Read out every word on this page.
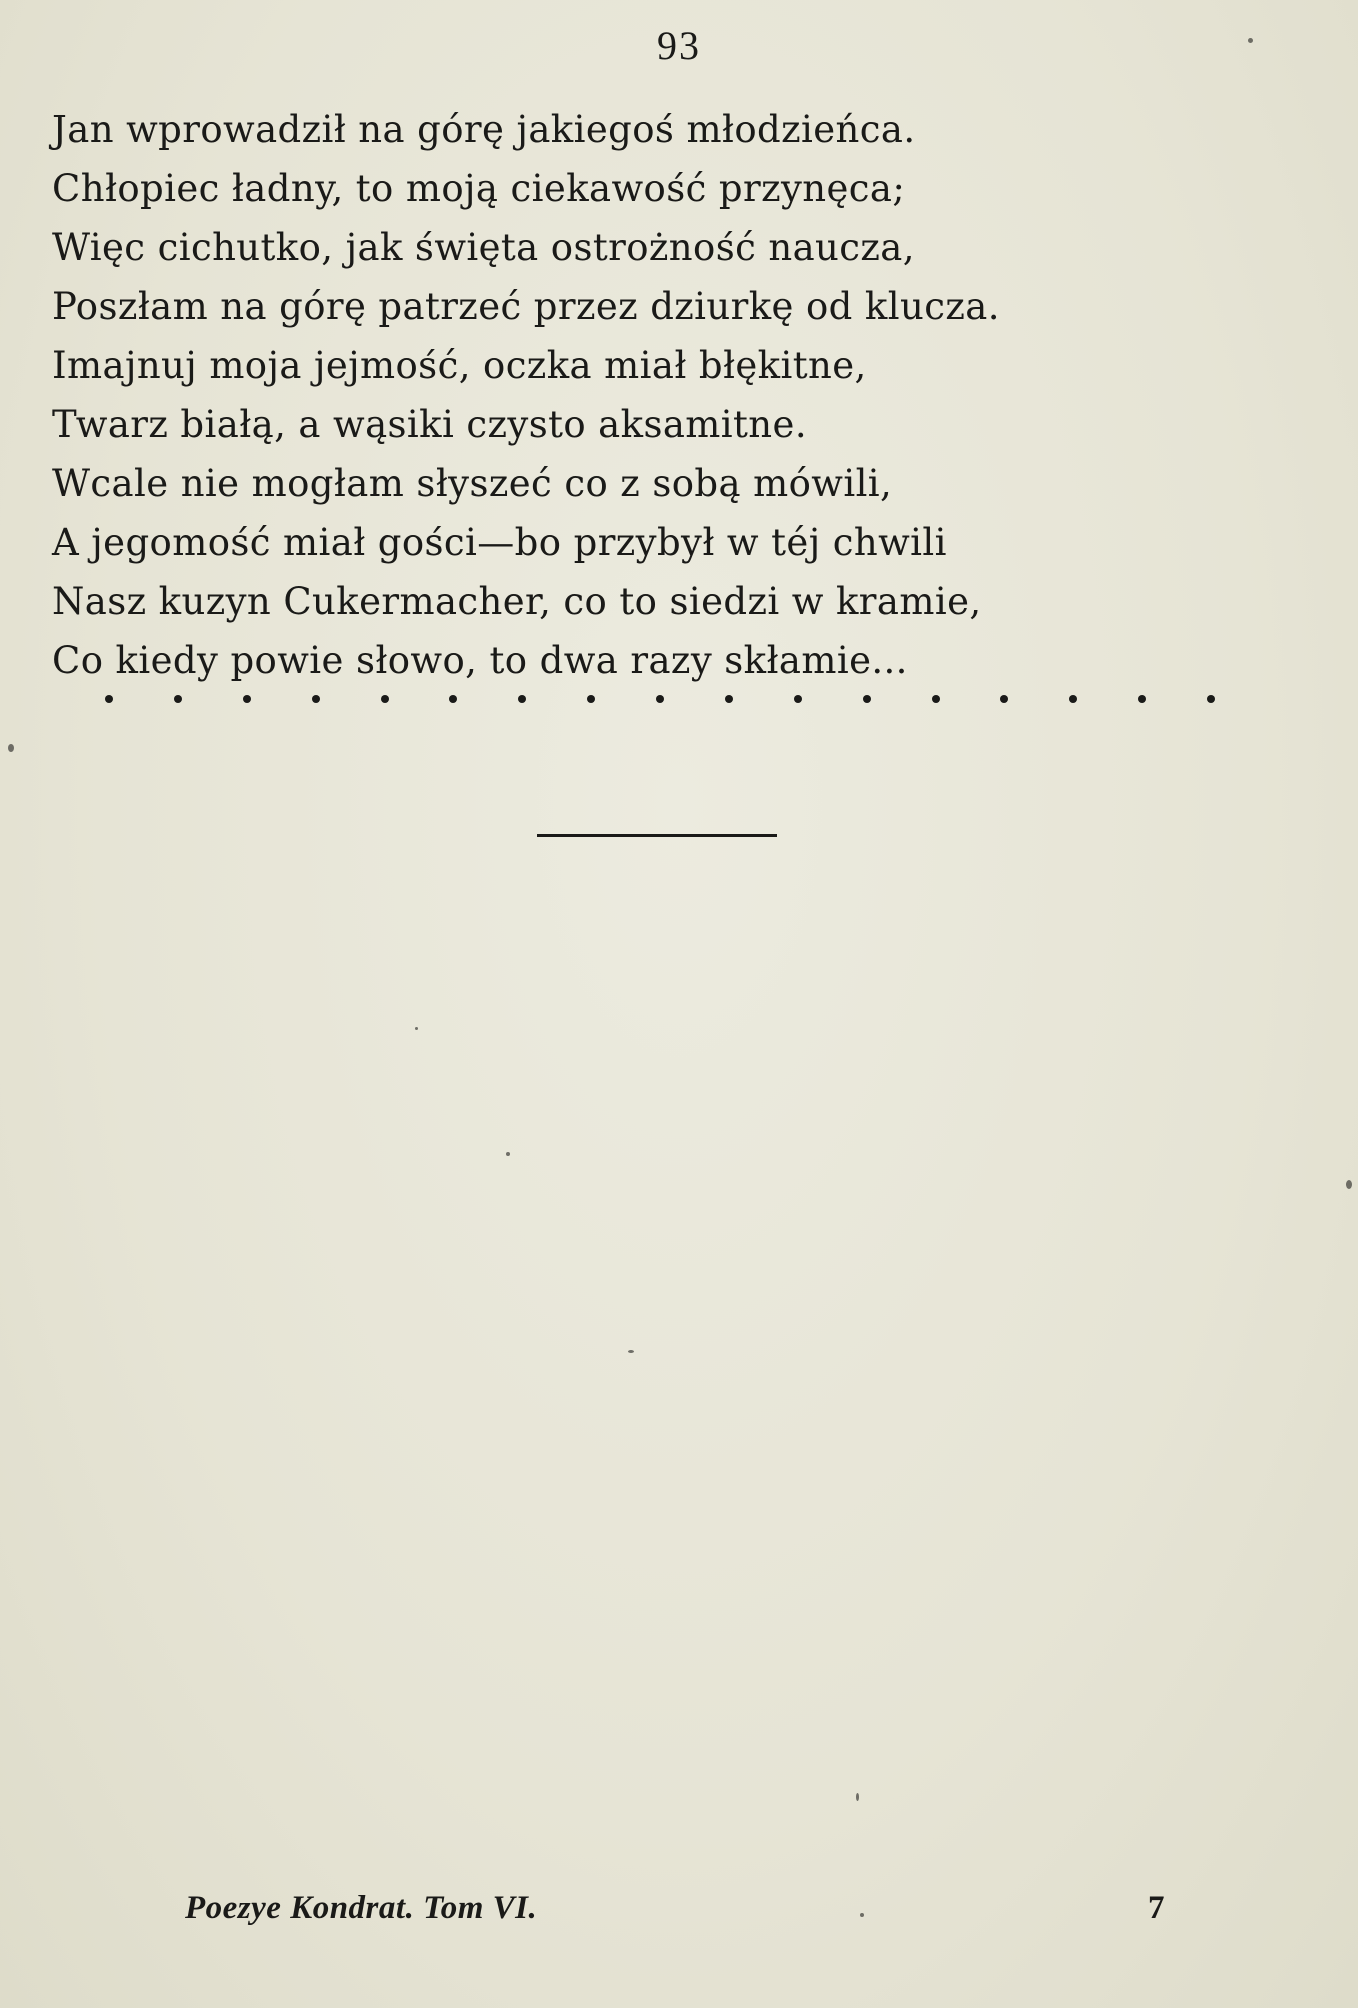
93
Jan wprowadził na górę jakiegoś młodzieńca.
Chłopiec ładny, to moją ciekawość przynęca;
Więc cichutko, jak święta ostrożność naucza,
Poszłam na górę patrzeć przez dziurkę od klucza.
Imajnuj moja jejmość, oczka miał błękitne,
Twarz białą, a wąsiki czysto aksamitne.
Wcale nie mogłam słyszeć co z sobą mówili,
A jegomość miał gości—bo przybył w téj chwili
Nasz kuzyn Cukermacher, co to siedzi w kramie,
Co kiedy powie słowo, to dwa razy skłamie...
Poezye Kondrat. Tom VI.	7
